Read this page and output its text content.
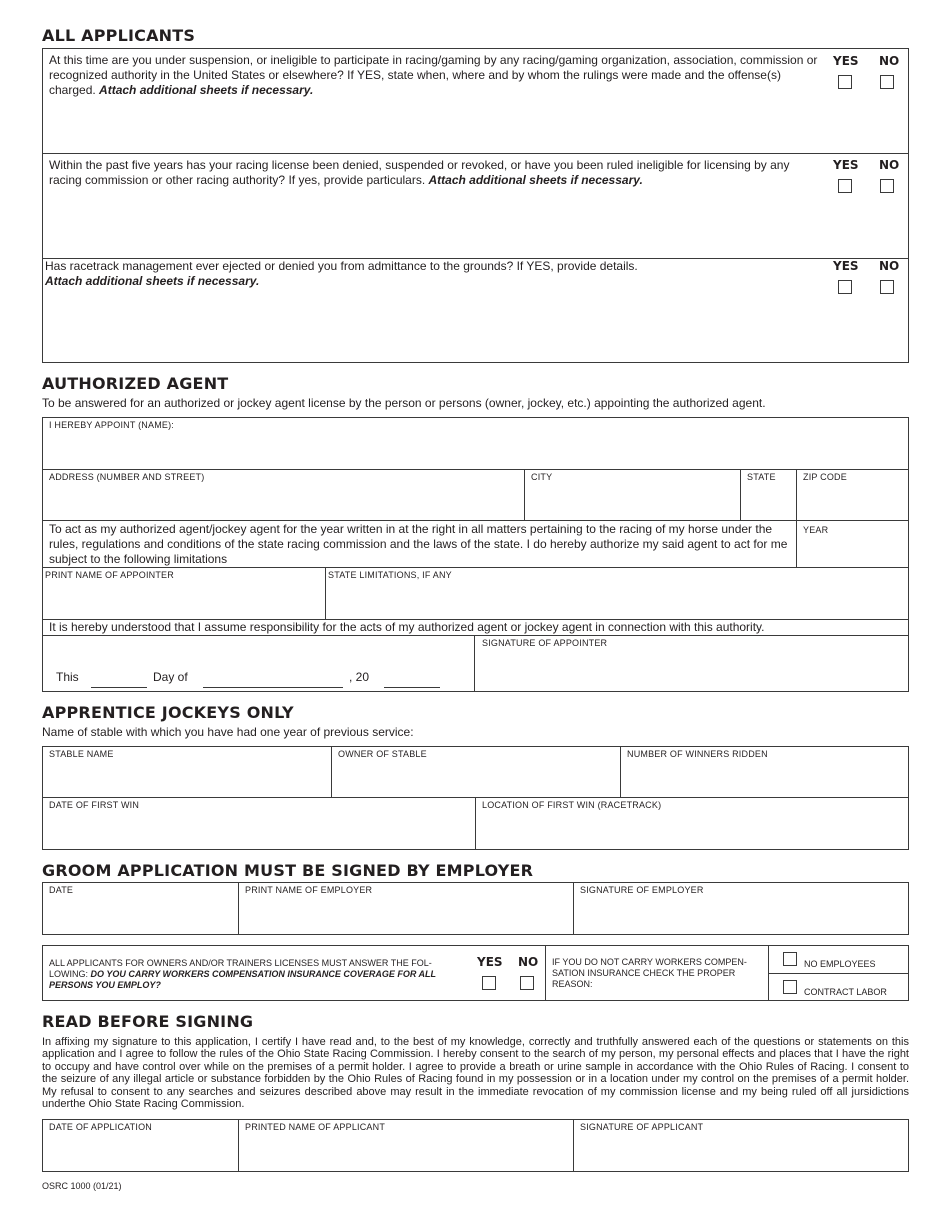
ALL APPLICANTS
At this time are you under suspension, or ineligible to participate in racing/gaming by any racing/gaming organization, association, commission or recognized authority in the United States or elsewhere? If YES, state when, where and by whom the rulings were made and the offense(s) charged. Attach additional sheets if necessary.
YES NO
Within the past five years has your racing license been denied, suspended or revoked, or have you been ruled ineligible for licensing by any racing commission or other racing authority? If yes, provide particulars. Attach additional sheets if necessary.
YES NO
Has racetrack management ever ejected or denied you from admittance to the grounds? If YES, provide details.
Attach additional sheets if necessary.
YES NO
AUTHORIZED AGENT
To be answered for an authorized or jockey agent license by the person or persons (owner, jockey, etc.) appointing the authorized agent.
I HEREBY APPOINT (NAME):
ADDRESS (NUMBER AND STREET)	CITY	STATE	ZIP CODE
To act as my authorized agent/jockey agent for the year written in at the right in all matters pertaining to the racing of my horse under the rules, regulations and conditions of the state racing commission and the laws of the state. I do hereby authorize my said agent to act for me subject to the following limitations
YEAR
PRINT NAME OF APPOINTER	STATE LIMITATIONS, IF ANY
It is hereby understood that I assume responsibility for the acts of my authorized agent or jockey agent in connection with this authority.
This	Day of	, 20
SIGNATURE OF APPOINTER
APPRENTICE JOCKEYS ONLY
Name of stable with which you have had one year of previous service:
STABLE NAME	OWNER OF STABLE	NUMBER OF WINNERS RIDDEN
DATE OF FIRST WIN	LOCATION OF FIRST WIN (RACETRACK)
GROOM APPLICATION MUST BE SIGNED BY EMPLOYER
DATE	PRINT NAME OF EMPLOYER	SIGNATURE OF EMPLOYER
ALL APPLICANTS FOR OWNERS AND/OR TRAINERS LICENSES MUST ANSWER THE FOL-LOWING: DO YOU CARRY WORKERS COMPENSATION INSURANCE COVERAGE FOR ALL PERSONS YOU EMPLOY?
YES NO IF YOU DO NOT CARRY WORKERS COMPEN-SATION INSURANCE CHECK THE PROPER REASON:
NO EMPLOYEES
CONTRACT LABOR
READ BEFORE SIGNING
In affixing my signature to this application, I certify I have read and, to the best of my knowledge, correctly and truthfully answered each of the questions or statements on this application and I agree to follow the rules of the Ohio State Racing Commission. I hereby consent to the search of my person, my personal effects and places that I have the right to occupy and have control over while on the premises of a permit holder. I agree to provide a breath or urine sample in accordance with the Ohio Rules of Racing. I consent to the seizure of any illegal article or substance forbidden by the Ohio Rules of Racing found in my possession or in a location under my control on the premises of a permit holder. My refusal to consent to any searches and seizures described above may result in the immediate revocation of my commission license and my being ruled off all jursidictions underthe Ohio State Racing Commission.
DATE OF APPLICATION	PRINTED NAME OF APPLICANT	SIGNATURE OF APPLICANT
OSRC 1000 (01/21)
